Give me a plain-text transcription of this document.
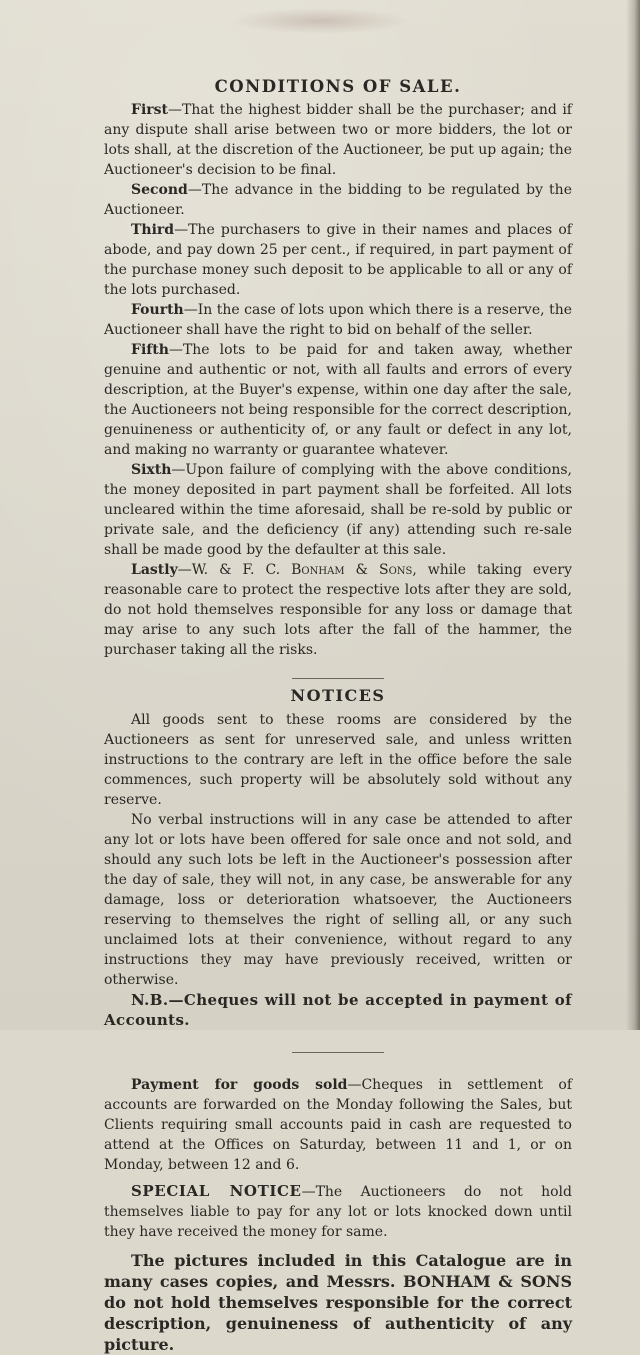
CONDITIONS OF SALE.

First—That the highest bidder shall be the purchaser; and if any dispute shall arise between two or more bidders, the lot or lots shall, at the discretion of the Auctioneer, be put up again; the Auctioneer's decision to be final.

Second—The advance in the bidding to be regulated by the Auctioneer.

Third—The purchasers to give in their names and places of abode, and pay down 25 per cent., if required, in part payment of the purchase money such deposit to be applicable to all or any of the lots purchased.

Fourth—In the case of lots upon which there is a reserve, the Auctioneer shall have the right to bid on behalf of the seller.

Fifth—The lots to be paid for and taken away, whether genuine and authentic or not, with all faults and errors of every description, at the Buyer's expense, within one day after the sale, the Auctioneers not being responsible for the correct description, genuineness or authenticity of, or any fault or defect in any lot, and making no warranty or guarantee whatever.

Sixth—Upon failure of complying with the above conditions, the money deposited in part payment shall be forfeited. All lots uncleared within the time aforesaid, shall be re-sold by public or private sale, and the deficiency (if any) attending such re-sale shall be made good by the defaulter at this sale.

Lastly—W. & F. C. Bonham & Sons, while taking every reasonable care to protect the respective lots after they are sold, do not hold themselves responsible for any loss or damage that may arise to any such lots after the fall of the hammer, the purchaser taking all the risks.

NOTICES

All goods sent to these rooms are considered by the Auctioneers as sent for unreserved sale, and unless written instructions to the contrary are left in the office before the sale commences, such property will be absolutely sold without any reserve.

No verbal instructions will in any case be attended to after any lot or lots have been offered for sale once and not sold, and should any such lots be left in the Auctioneer's possession after the day of sale, they will not, in any case, be answerable for any damage, loss or deterioration whatsoever, the Auctioneers reserving to themselves the right of selling all, or any such unclaimed lots at their convenience, without regard to any instructions they may have previously received, written or otherwise.

N.B.—Cheques will not be accepted in payment of Accounts.

Payment for goods sold—Cheques in settlement of accounts are forwarded on the Monday following the Sales, but Clients requiring small accounts paid in cash are requested to attend at the Offices on Saturday, between 11 and 1, or on Monday, between 12 and 6.

SPECIAL NOTICE—The Auctioneers do not hold themselves liable to pay for any lot or lots knocked down until they have received the money for same.

The pictures included in this Catalogue are in many cases copies, and Messrs. BONHAM & SONS do not hold themselves responsible for the correct description, genuineness of authenticity of any picture.
